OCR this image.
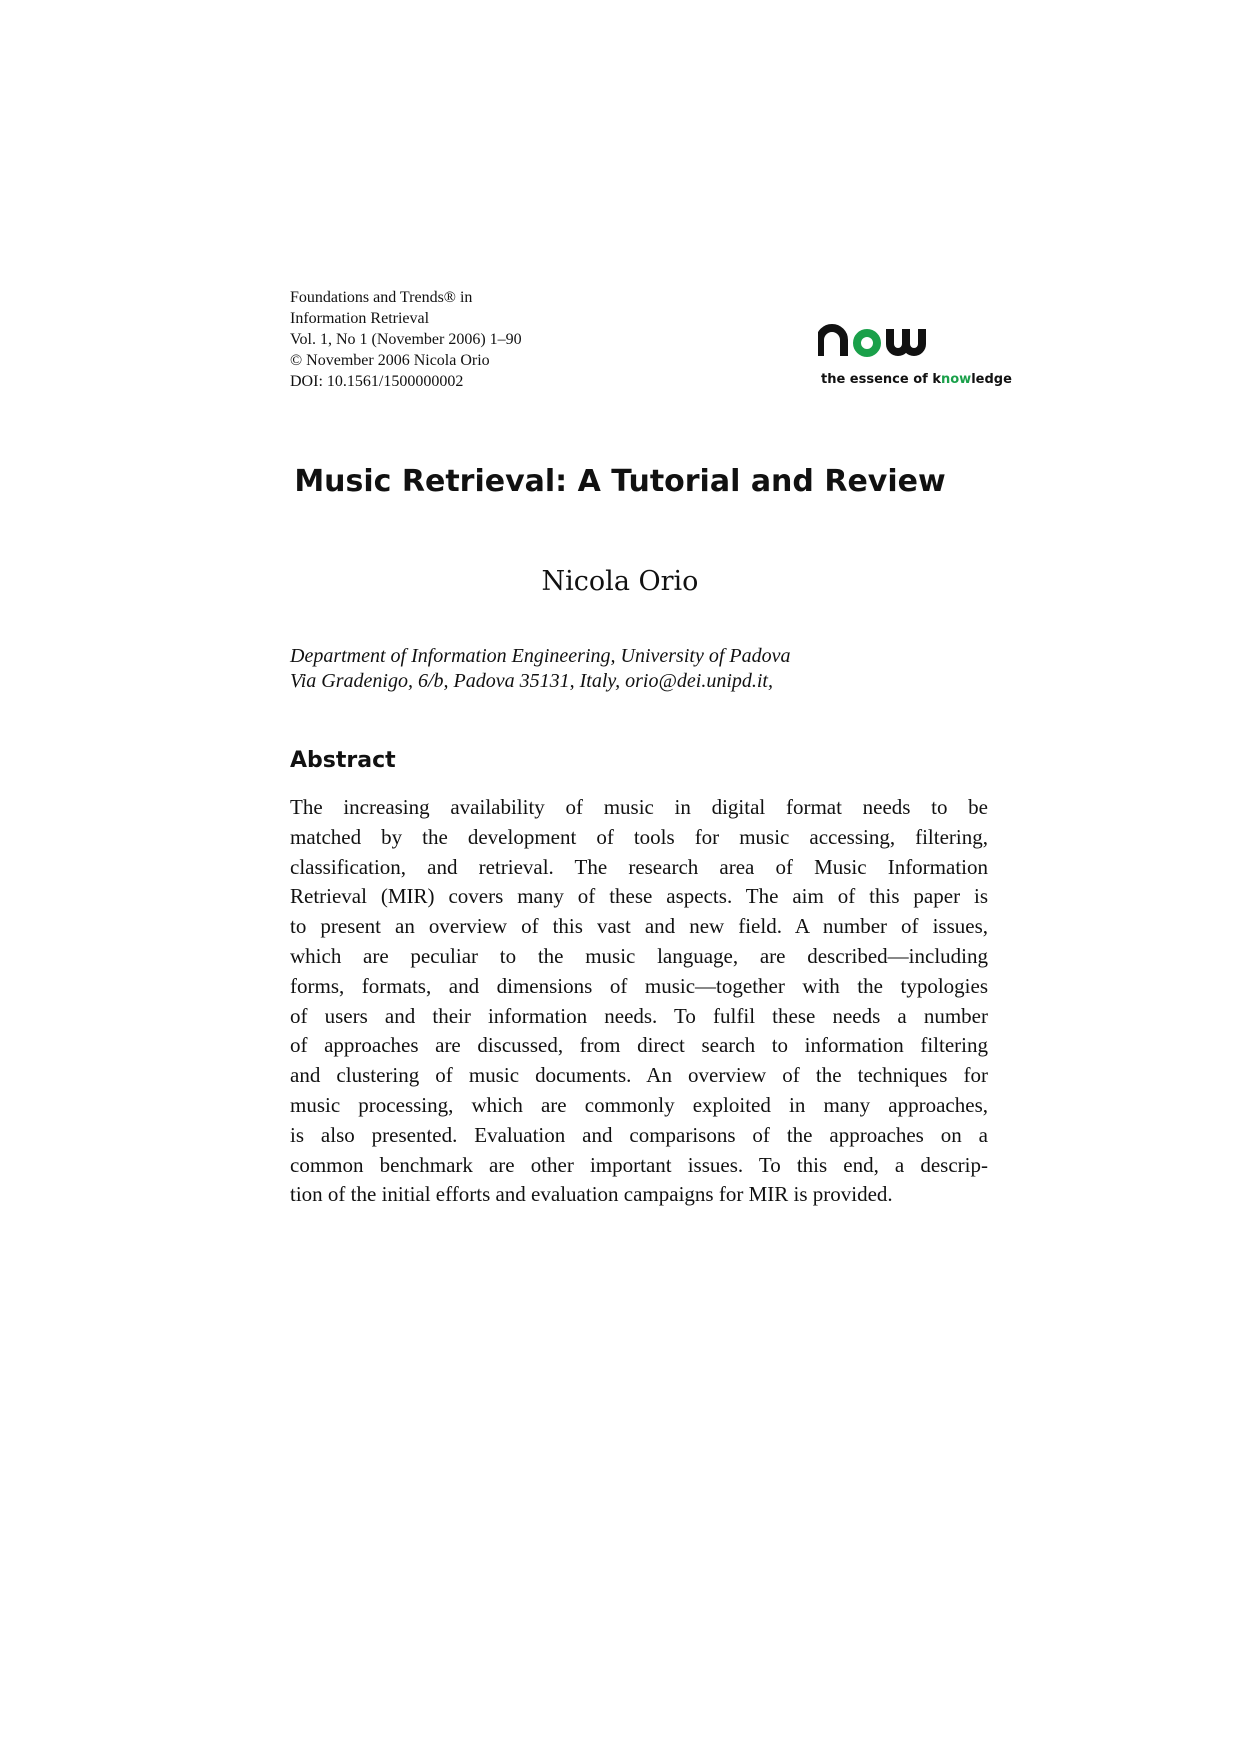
Foundations and Trends® in
Information Retrieval
Vol. 1, No 1 (November 2006) 1–90
© November 2006 Nicola Orio
DOI: 10.1561/1500000002	the essence of knowledge
Music Retrieval: A Tutorial and Review
Nicola Orio
Department of Information Engineering, University of Padova
Via Gradenigo, 6/b, Padova 35131, Italy, orio@dei.unipd.it,
Abstract
The increasing availability of music in digital format needs to be
matched by the development of tools for music accessing, filtering,
classification, and retrieval. The research area of Music Information
Retrieval (MIR) covers many of these aspects. The aim of this paper is
to present an overview of this vast and new field. A number of issues,
which are peculiar to the music language, are described—including
forms, formats, and dimensions of music—together with the typologies
of users and their information needs. To fulfil these needs a number
of approaches are discussed, from direct search to information filtering
and clustering of music documents. An overview of the techniques for
music processing, which are commonly exploited in many approaches,
is also presented. Evaluation and comparisons of the approaches on a
common benchmark are other important issues. To this end, a descrip-
tion of the initial efforts and evaluation campaigns for MIR is provided.
